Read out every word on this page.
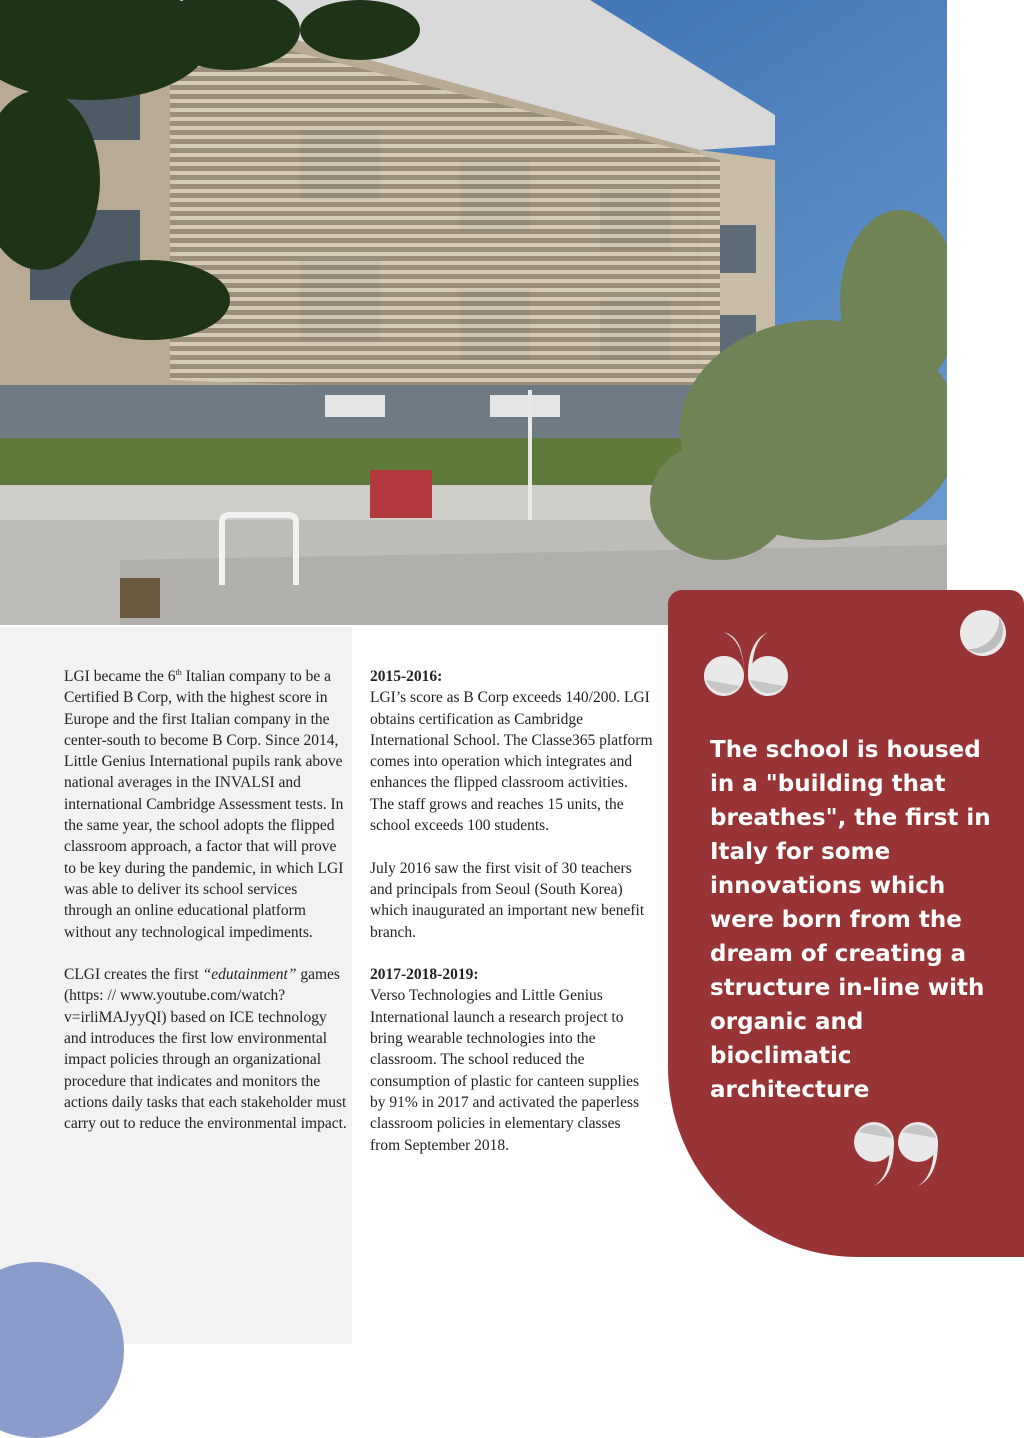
LGI became the 6th Italian company to be a Certified B Corp, with the highest score in Europe and the first Italian company in the center-south to become B Corp. Since 2014, Little Genius International pupils rank above national averages in the INVALSI and international Cambridge Assessment tests. In the same year, the school adopts the flipped classroom approach, a factor that will prove to be key during the pandemic, in which LGI was able to deliver its school services through an online educational platform without any technological impediments.

CLGI creates the first “edutainment” games (https: // www.youtube.com/watch?v=irliMAJyyQI) based on ICE technology and introduces the first low environmental impact policies through an organizational procedure that indicates and monitors the actions daily tasks that each stakeholder must carry out to reduce the environmental impact.

2015-2016:

LGI’s score as B Corp exceeds 140/200. LGI obtains certification as Cambridge International School. The Classe365 platform comes into operation which integrates and enhances the flipped classroom activities. The staff grows and reaches 15 units, the school exceeds 100 students.

July 2016 saw the first visit of 30 teachers and principals from Seoul (South Korea) which inaugurated an important new benefit branch.

2017-2018-2019:

Verso Technologies and Little Genius International launch a research project to bring wearable technologies into the classroom. The school reduced the consumption of plastic for canteen supplies by 91% in 2017 and activated the paperless classroom policies in elementary classes from September 2018.

The school is housed in a "building that breathes", the first in Italy for some innovations which were born from the dream of creating a structure in-line with organic and bioclimatic architecture
